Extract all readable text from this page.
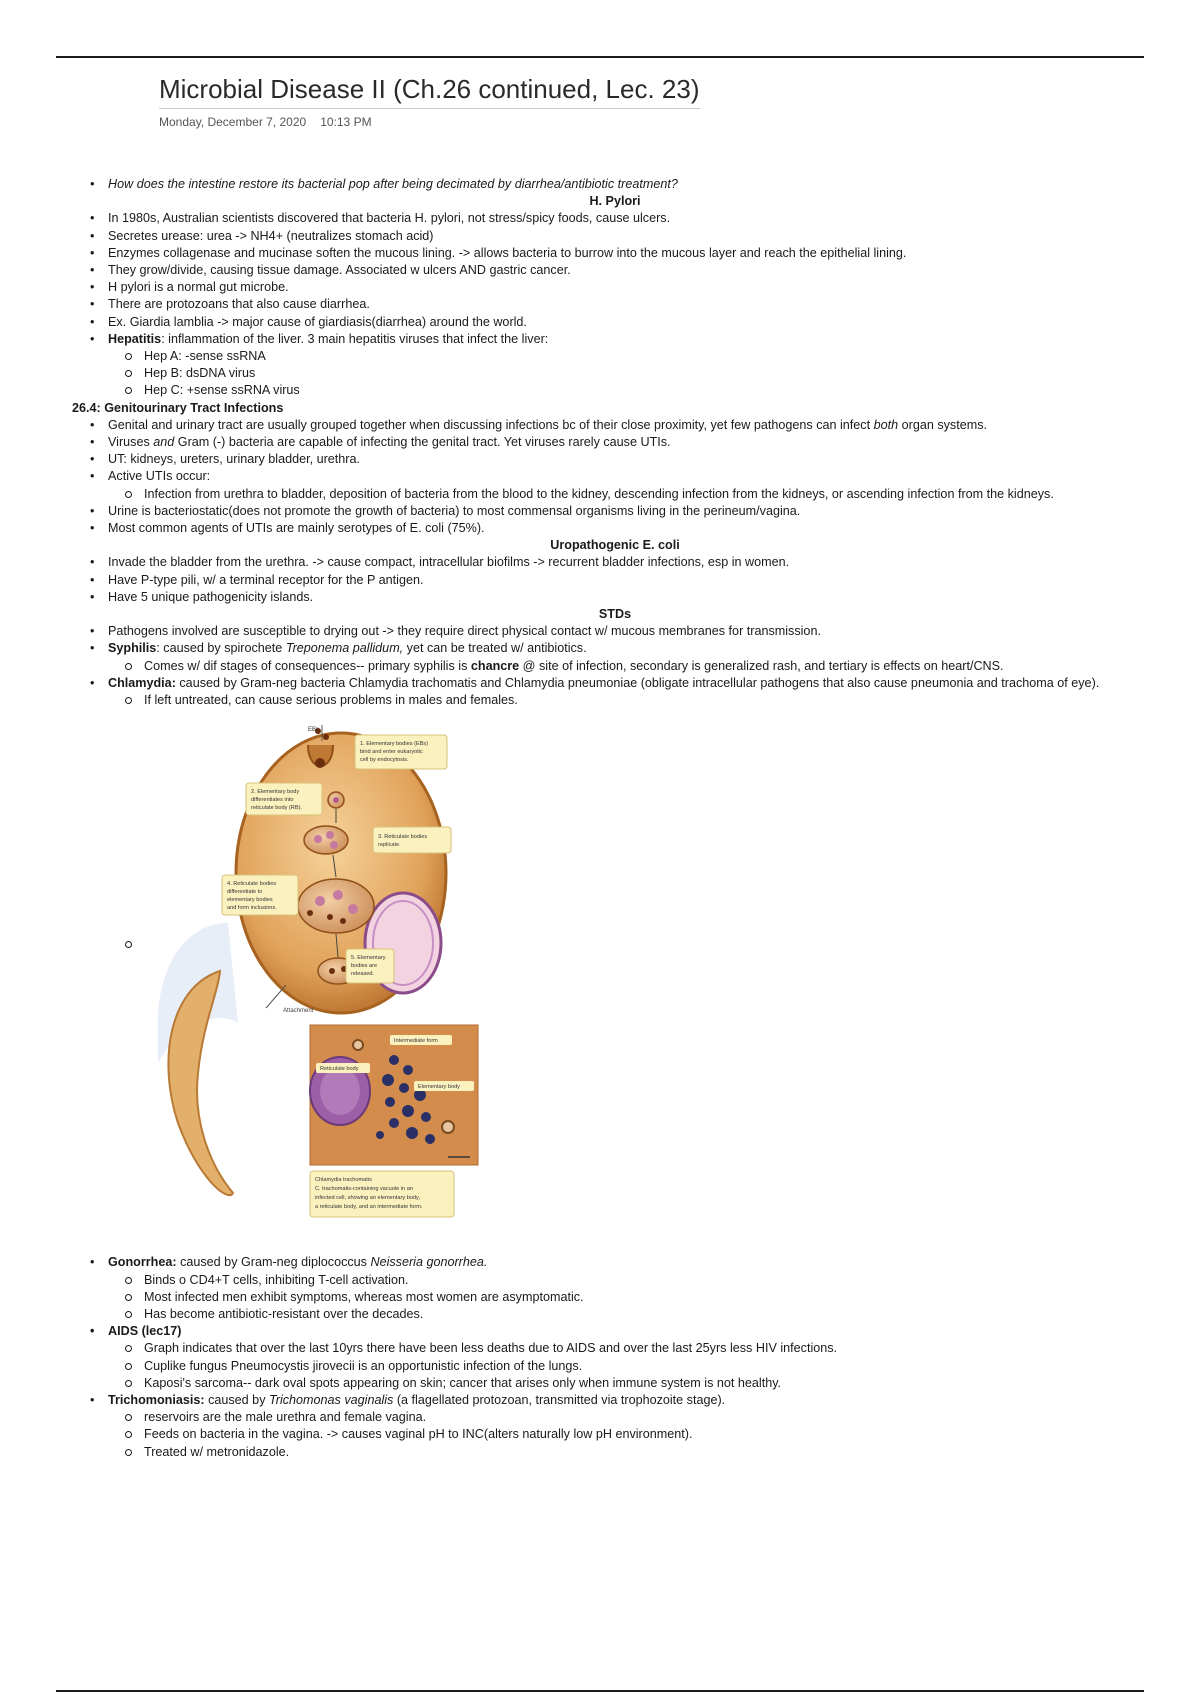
Microbial Disease II (Ch.26 continued, Lec. 23)
Monday, December 7, 2020 10:13 PM
• How does the intestine restore its bacterial pop after being decimated by diarrhea/antibiotic treatment?
H. Pylori
• In 1980s, Australian scientists discovered that bacteria H. pylori, not stress/spicy foods, cause ulcers.
• Secretes urease: urea -> NH4+ (neutralizes stomach acid)
• Enzymes collagenase and mucinase soften the mucous lining. -> allows bacteria to burrow into the mucous layer and reach the epithelial lining.
• They grow/divide, causing tissue damage. Associated w ulcers AND gastric cancer.
• H pylori is a normal gut microbe.
• There are protozoans that also cause diarrhea.
• Ex. Giardia lamblia -> major cause of giardiasis(diarrhea) around the world.
• Hepatitis: inflammation of the liver. 3 main hepatitis viruses that infect the liver:
Hep A: -sense ssRNA
Hep B: dsDNA virus
Hep C: +sense ssRNA virus
26.4: Genitourinary Tract Infections
• Genital and urinary tract are usually grouped together when discussing infections bc of their close proximity, yet few pathogens can infect both organ systems.
• Viruses and Gram (-) bacteria are capable of infecting the genital tract. Yet viruses rarely cause UTIs.
• UT: kidneys, ureters, urinary bladder, urethra.
• Active UTIs occur:
Infection from urethra to bladder, deposition of bacteria from the blood to the kidney, descending infection from the kidneys, or ascending infection from the kidneys.
• Urine is bacteriostatic(does not promote the growth of bacteria) to most commensal organisms living in the perineum/vagina.
• Most common agents of UTIs are mainly serotypes of E. coli (75%).
Uropathogenic E. coli
• Invade the bladder from the urethra. -> cause compact, intracellular biofilms -> recurrent bladder infections, esp in women.
• Have P-type pili, w/ a terminal receptor for the P antigen.
• Have 5 unique pathogenicity islands.
STDs
• Pathogens involved are susceptible to drying out -> they require direct physical contact w/ mucous membranes for transmission.
• Syphilis: caused by spirochete Treponema pallidum, yet can be treated w/ antibiotics.
Comes w/ dif stages of consequences-- primary syphilis is chancre @ site of infection, secondary is generalized rash, and tertiary is effects on heart/CNS.
• Chlamydia: caused by Gram-neg bacteria Chlamydia trachomatis and Chlamydia pneumoniae (obligate intracellular pathogens that also cause pneumonia and trachoma of eye).
If left untreated, can cause serious problems in males and females.
EBs
Attachment
1. Elementary bodies (EBs)
bind and enter eukaryotic
cell by endocytosis.
2. Elementary body
differentiates into
reticulate body (RB).
3. Reticulate bodies
replicate.
4. Reticulate bodies
differentiate to
elementary bodies
and form inclusions.
5. Elementary
bodies are
released.
Intermediate form
Reticulate body
Elementary body
Chlamydia trachomatis
C. trachomatis-containing vacuole in an
infected cell, showing an elementary body,
a reticulate body, and an intermediate form.
• Gonorrhea: caused by Gram-neg diplococcus Neisseria gonorrhea.
Binds o CD4+T cells, inhibiting T-cell activation.
Most infected men exhibit symptoms, whereas most women are asymptomatic.
Has become antibiotic-resistant over the decades.
• AIDS (lec17)
Graph indicates that over the last 10yrs there have been less deaths due to AIDS and over the last 25yrs less HIV infections.
Cuplike fungus Pneumocystis jirovecii is an opportunistic infection of the lungs.
Kaposi's sarcoma-- dark oval spots appearing on skin; cancer that arises only when immune system is not healthy.
• Trichomoniasis: caused by Trichomonas vaginalis (a flagellated protozoan, transmitted via trophozoite stage).
reservoirs are the male urethra and female vagina.
Feeds on bacteria in the vagina. -> causes vaginal pH to INC(alters naturally low pH environment).
Treated w/ metronidazole.
